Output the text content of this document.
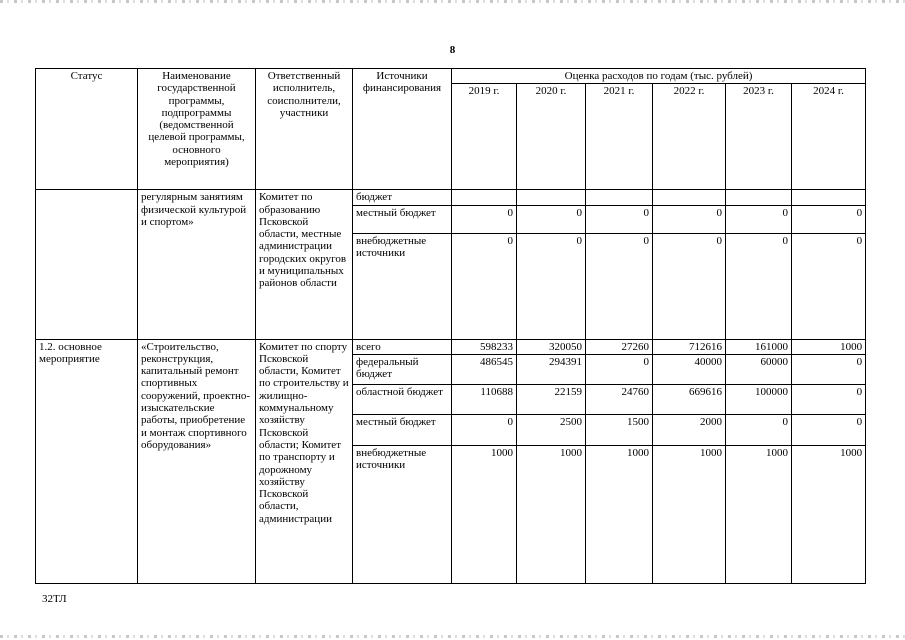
8
Статус	Наименование государственной программы, подпрограммы (ведомственной целевой программы, основного мероприятия)	Ответственный исполнитель, соисполнители, участники	Источники финансирования	Оценка расходов по годам (тыс. рублей)					
				2019 г.	2020 г.	2021 г.	2022 г.	2023 г.	2024 г.
	регулярным занятиям физической культурой и спортом»	Комитет по образованию Псковской области, местные администрации городских округов и муниципальных районов области	бюджет						
			местный бюджет	0	0	0	0	0	0
			внебюджетные источники	0	0	0	0	0	0
1.2. основное мероприятие	«Строительство, реконструкция, капитальный ремонт спортивных сооружений, проектно-изыскательские работы, приобретение и монтаж спортивного оборудования»	Комитет по спорту Псковской области, Комитет по строительству и жилищно-коммунальному хозяйству Псковской области; Комитет по транспорту и дорожному хозяйству Псковской области, администрации	всего	598233	320050	27260	712616	161000	1000
			федеральный бюджет	486545	294391	0	40000	60000	0
			областной бюджет	110688	22159	24760	669616	100000	0
			местный бюджет	0	2500	1500	2000	0	0
			внебюджетные источники	1000	1000	1000	1000	1000	1000
32ТЛ
